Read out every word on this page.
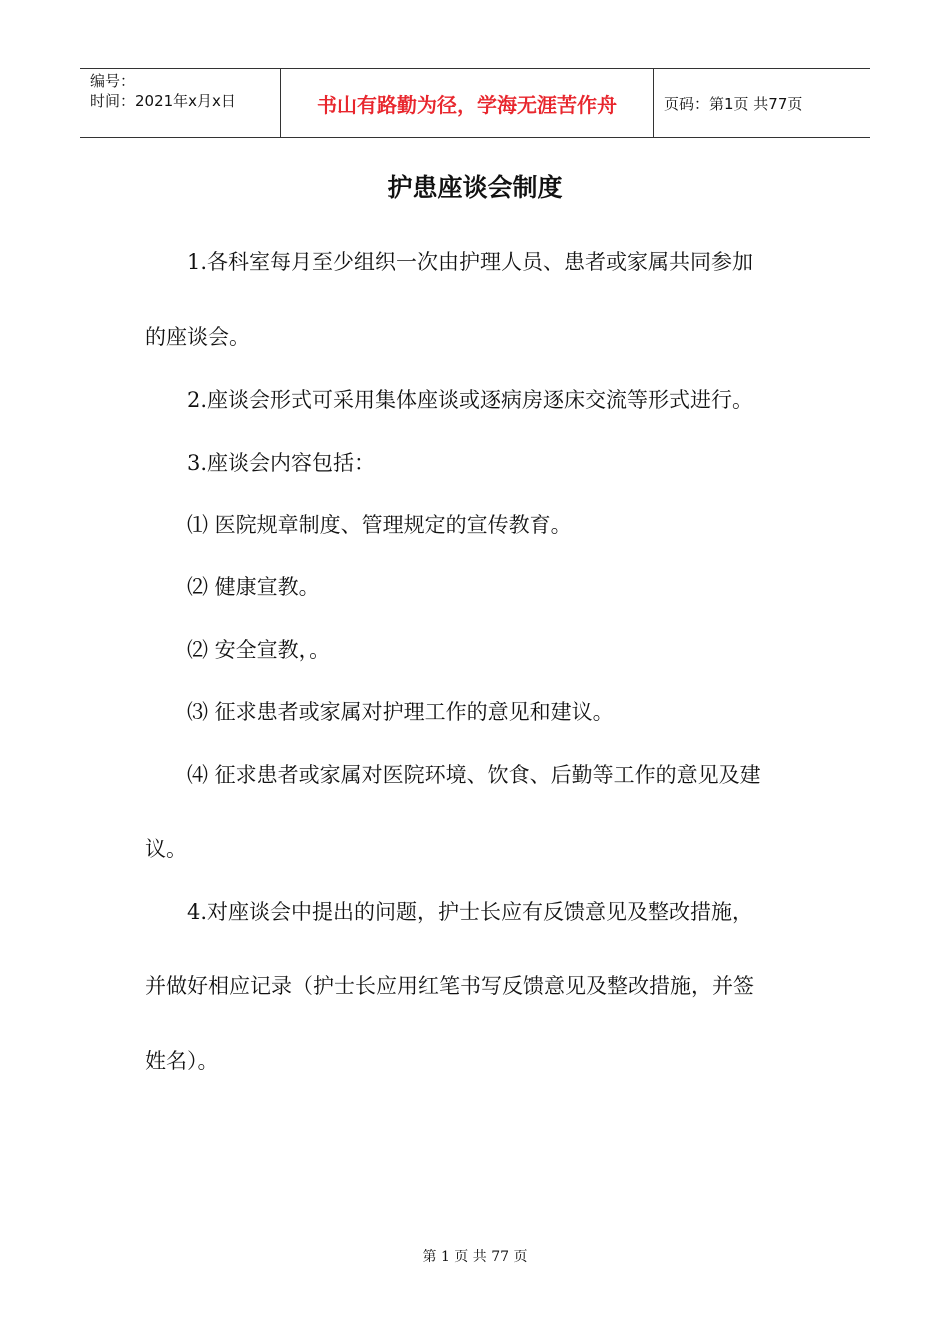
编号：
时间：2021年x月x日	书山有路勤为径，学海无涯苦作舟	页码：第1页 共77页
护患座谈会制度
1.各科室每月至少组织一次由护理人员、患者或家属共同参加
的座谈会。
2.座谈会形式可采用集体座谈或逐病房逐床交流等形式进行。
3.座谈会内容包括：
⑴ 医院规章制度、管理规定的宣传教育。
⑵ 健康宣教。
⑵ 安全宣教，。
⑶ 征求患者或家属对护理工作的意见和建议。
⑷ 征求患者或家属对医院环境、饮食、后勤等工作的意见及建
议。
4.对座谈会中提出的问题，护士长应有反馈意见及整改措施，
并做好相应记录（护士长应用红笔书写反馈意见及整改措施，并签
姓名）。
第 1 页 共 77 页
